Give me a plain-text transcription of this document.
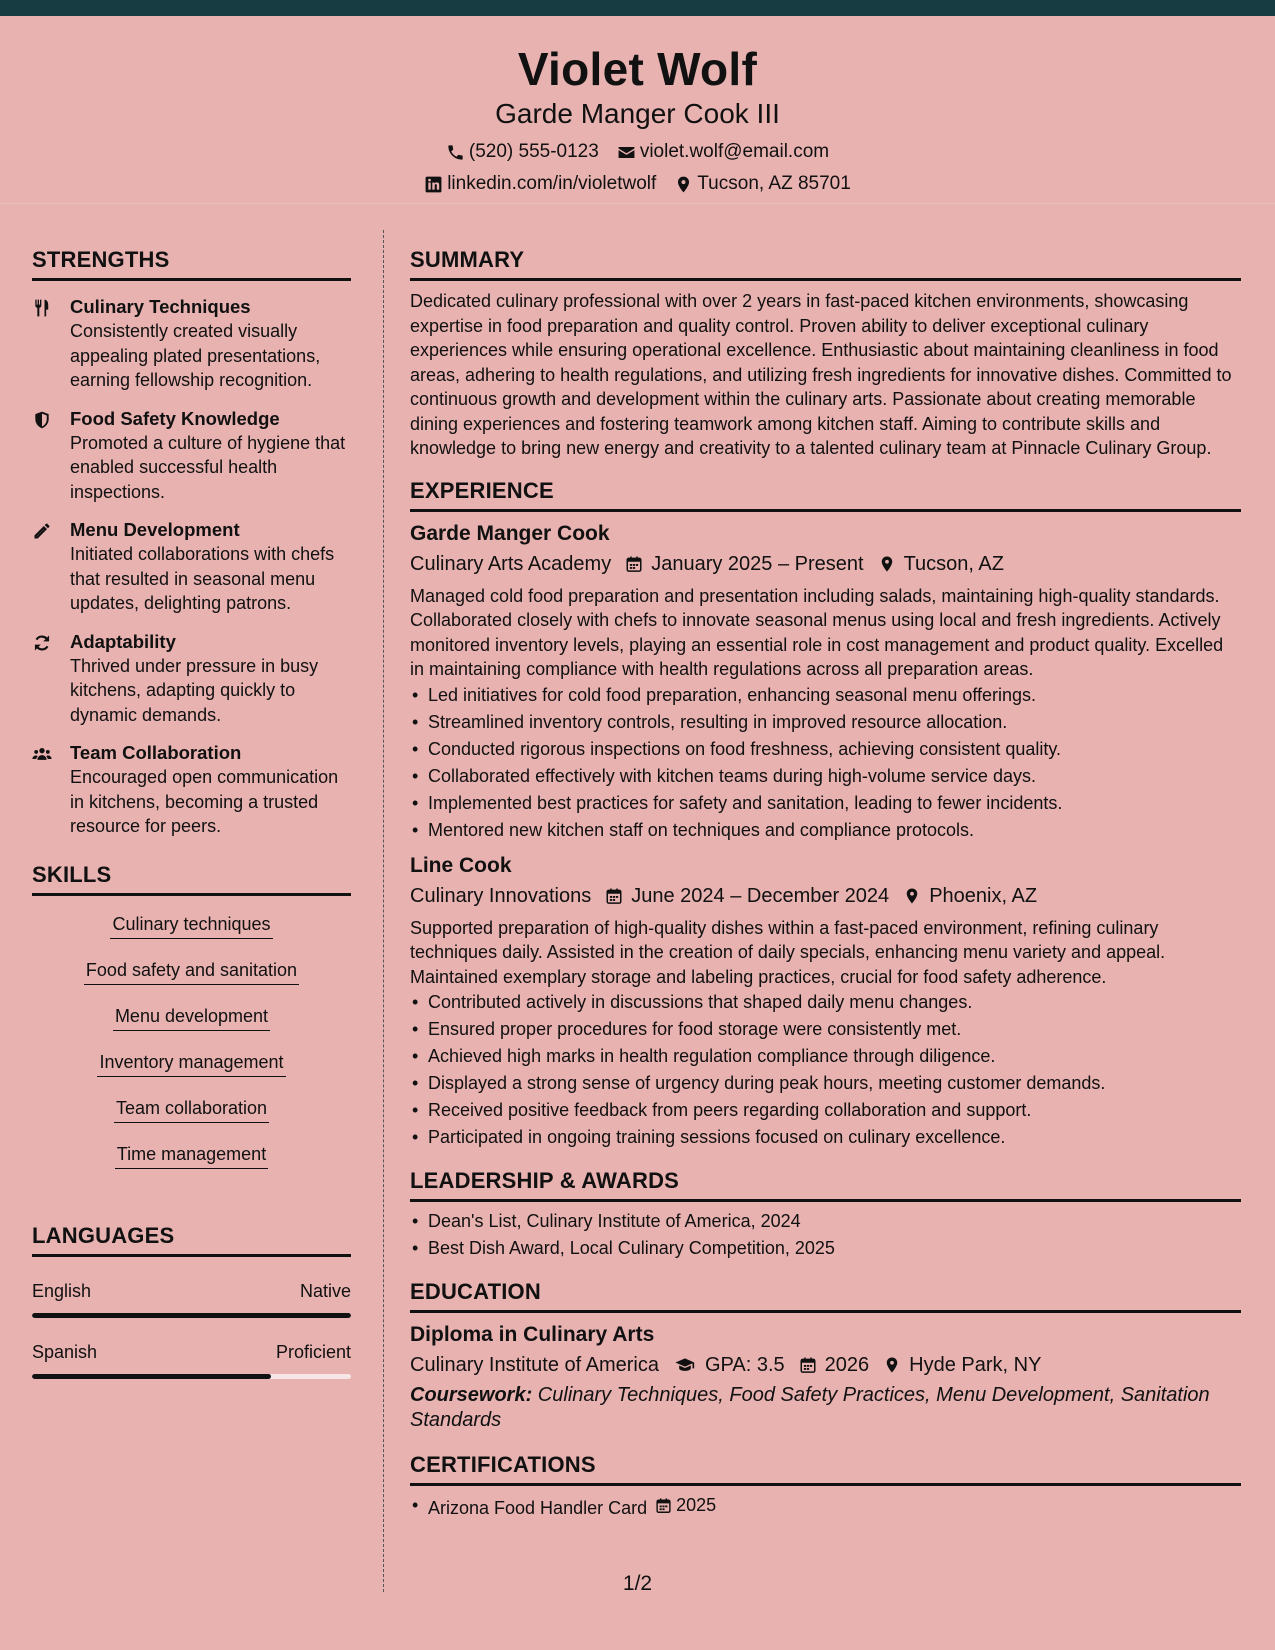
Violet Wolf
Garde Manger Cook III
(520) 555-0123 violet.wolf@email.com
linkedin.com/in/violetwolf Tucson, AZ 85701
STRENGTHS
Culinary Techniques
Consistently created visually appealing plated presentations, earning fellowship recognition.
Food Safety Knowledge
Promoted a culture of hygiene that enabled successful health inspections.
Menu Development
Initiated collaborations with chefs that resulted in seasonal menu updates, delighting patrons.
Adaptability
Thrived under pressure in busy kitchens, adapting quickly to dynamic demands.
Team Collaboration
Encouraged open communication in kitchens, becoming a trusted resource for peers.
SKILLS
Culinary techniques
Food safety and sanitation
Menu development
Inventory management
Team collaboration
Time management
LANGUAGES
English	Native
Spanish	Proficient
SUMMARY
Dedicated culinary professional with over 2 years in fast-paced kitchen environments, showcasing expertise in food preparation and quality control. Proven ability to deliver exceptional culinary experiences while ensuring operational excellence. Enthusiastic about maintaining cleanliness in food areas, adhering to health regulations, and utilizing fresh ingredients for innovative dishes. Committed to continuous growth and development within the culinary arts. Passionate about creating memorable dining experiences and fostering teamwork among kitchen staff. Aiming to contribute skills and knowledge to bring new energy and creativity to a talented culinary team at Pinnacle Culinary Group.
EXPERIENCE
Garde Manger Cook
Culinary Arts Academy January 2025 – Present Tucson, AZ
Managed cold food preparation and presentation including salads, maintaining high-quality standards. Collaborated closely with chefs to innovate seasonal menus using local and fresh ingredients. Actively monitored inventory levels, playing an essential role in cost management and product quality. Excelled in maintaining compliance with health regulations across all preparation areas.
• Led initiatives for cold food preparation, enhancing seasonal menu offerings.
• Streamlined inventory controls, resulting in improved resource allocation.
• Conducted rigorous inspections on food freshness, achieving consistent quality.
• Collaborated effectively with kitchen teams during high-volume service days.
• Implemented best practices for safety and sanitation, leading to fewer incidents.
• Mentored new kitchen staff on techniques and compliance protocols.
Line Cook
Culinary Innovations June 2024 – December 2024 Phoenix, AZ
Supported preparation of high-quality dishes within a fast-paced environment, refining culinary techniques daily. Assisted in the creation of daily specials, enhancing menu variety and appeal. Maintained exemplary storage and labeling practices, crucial for food safety adherence.
• Contributed actively in discussions that shaped daily menu changes.
• Ensured proper procedures for food storage were consistently met.
• Achieved high marks in health regulation compliance through diligence.
• Displayed a strong sense of urgency during peak hours, meeting customer demands.
• Received positive feedback from peers regarding collaboration and support.
• Participated in ongoing training sessions focused on culinary excellence.
LEADERSHIP & AWARDS
• Dean's List, Culinary Institute of America, 2024
• Best Dish Award, Local Culinary Competition, 2025
EDUCATION
Diploma in Culinary Arts
Culinary Institute of America GPA: 3.5 2026 Hyde Park, NY
Coursework: Culinary Techniques, Food Safety Practices, Menu Development, Sanitation Standards
CERTIFICATIONS
• Arizona Food Handler Card 2025
1/2
